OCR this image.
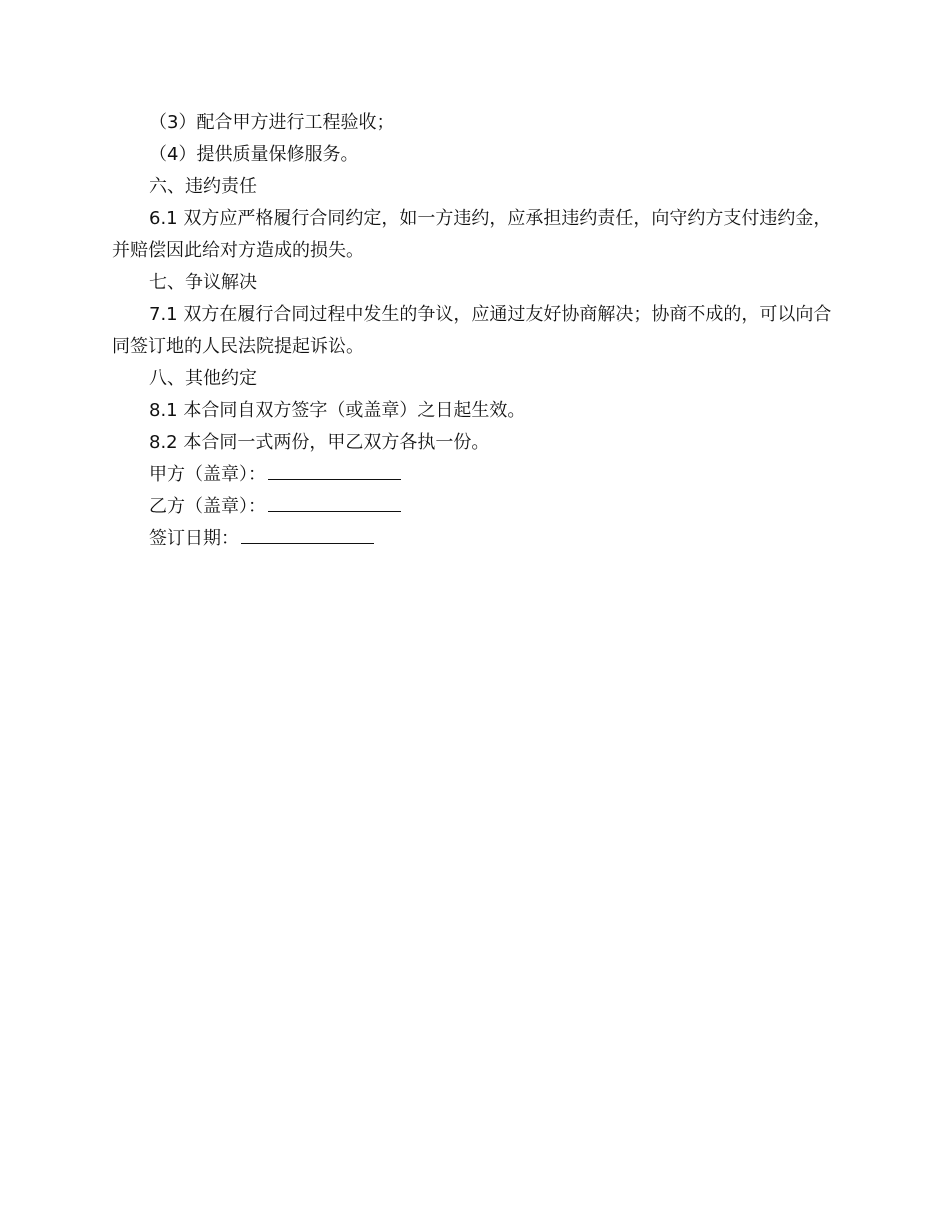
（3）配合甲方进行工程验收；

（4）提供质量保修服务。

六、违约责任

6.1 双方应严格履行合同约定，如一方违约，应承担违约责任，向守约方支付违约金，并赔偿因此给对方造成的损失。

七、争议解决

7.1 双方在履行合同过程中发生的争议，应通过友好协商解决；协商不成的，可以向合同签订地的人民法院提起诉讼。

八、其他约定

8.1 本合同自双方签字（或盖章）之日起生效。

8.2 本合同一式两份，甲乙双方各执一份。

甲方（盖章）：

乙方（盖章）：

签订日期：
